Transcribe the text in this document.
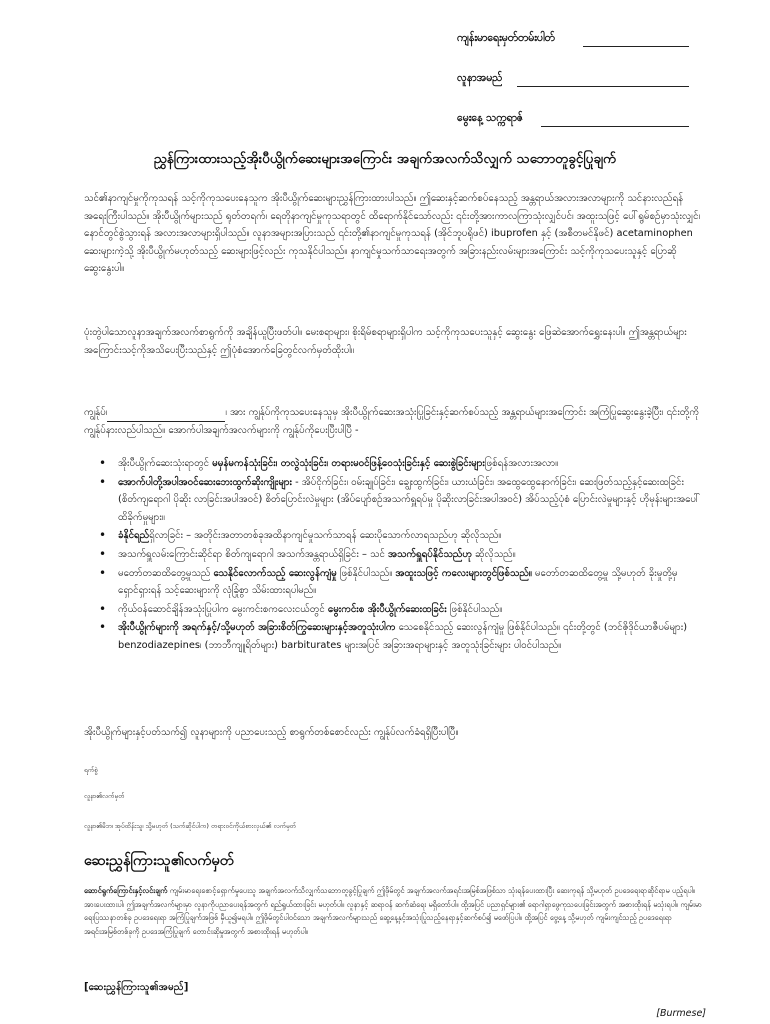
ကျန်းမာရေးမှတ်တမ်းပါတ်
လူနာအမည်
မွေးနေ့ သက္ကရာဇ်
ညွှန်ကြားထားသည့်အိုးပီယွိုက်ဆေးများအကြောင်း အချက်အလက်သိလျှက် သဘောတူခွင့်ပြုချက်
သင်၏နာကျင်မှုကိုကုသရန် သင့်ကိုကုသပေးနေသူက အိုးပီယွိုက်ဆေးများညွှန်ကြားထားပါသည်။ ဤဆေးနှင့်ဆက်စပ်နေသည့် အန္တရာယ်အလားအလာများကို သင်နားလည်ရန် အရေးကြီးပါသည်။ အိုးပီယွိုက်များသည် ရုတ်တရက်၊ ရေတိုနာကျင်မှုကုသရာတွင် ထိရောက်နိုင်သော်လည်း ၎င်းတို့အားကာလကြာသုံးလျှင်ပင်၊ အထူးသဖြင့် ပေါ်ရွမ်စဉ်မှာသုံးလျှင်၊ နောင်တွင်စွဲသွားရန် အလားအလာများရှိပါသည်။ လူနာအများအပြားသည် ၎င်းတို့၏နာကျင်မှုကုသရန် (အိုင်ဘူပရိုဖင်) ibuprofen နှင့် (အစီတမင်နိုဖင်) acetaminophen ဆေးများကဲ့သို့ အိုးပီယွိုက်မဟုတ်သည့် ဆေးများဖြင့်လည်း ကုသနိုင်ပါသည်။ နာကျင်မှုသက်သာရေးအတွက် အခြားနည်းလမ်းများအကြောင်း သင့်ကိုကုသပေးသူနှင့် ပြောဆိုဆွေးနွေးပါ။
ပုံးတွဲပါသောလူနာအချက်အလက်စာရွက်ကို အချိန်ယူပြီးဖတ်ပါ။ မေးစရာများ၊ စိုးရိမ်စရာများရှိပါက သင့်ကိုကုသပေးသူနှင့် ဆွေးနွေး ဖြေဆဲအောက်ရွှေးနေးပါ။ ဤအန္တရာယ်များအကြောင်းသင့်ကိုအသိပေးပြီးသည်နှင့် ဤပုံစံအောက်ခြေတွင်လက်မှတ်ထိုးပါ။
ကျွန်ုပ်၊	၊ အား ကျွန်ုပ်ကိုကုသပေးနေသူမှ အိုးပီယွိုက်ဆေးအသုံးပြုခြင်းနှင့်ဆက်စပ်သည့် အန္တရာယ်များအကြောင်း အကြံပြုဆွေးနွေးခဲ့ပြီး၊ ၎င်းတို့ကိုကျွန်ုပ်နားလည်ပါသည်။ အောက်ပါအချက်အလက်များကို ကျွန်ုပ်ကိုပေးပြီးပါပြီ -
• အိုးပီယွိုက်ဆေးသုံးရာတွင် မမှန်မကန်သုံးခြင်း၊ တလွဲသုံးခြင်း၊ တရားမဝင်ဖြန့်ဝေသုံးခြင်းနှင့် ဆေးစွဲခြင်းများဖြစ်ရန်အလားအလာ။
• အောက်ပါတို့အပါအဝင်ဆေးဘေးထွက်ဆိုးကျိုးများ - အိပ်ငိုက်ခြင်း၊ ဝမ်းချုပ်ခြင်း၊ ချွေးထွက်ခြင်း၊ ယားယံခြင်း၊ အထွေထွေနောက်ခြင်း၊ ဆေးဖြတ်သည့်နှင့်ဆေးထခြင်း (စိတ်ကျရောဂါ ပိုဆိုး လာခြင်းအပါအဝင်) စိတ်ပြောင်းလဲမှုများ (အိပ်ပျော်စဉ်အသက်ရှူရပ်မှု ပိုဆိုးလာခြင်းအပါအဝင်) အိပ်သည့်ပုံစံ ပြောင်းလဲမှုများနှင့် ဟိုမုန်းများအပေါ် ထိခိုက်မှုများ။
• ခံနိုင်ရည်ရှိလာခြင်း – အတိုင်းအတာတစ်ခုအထိနာကျင်မှုသက်သာရန် ဆေးပိုသောက်လာရသည်ဟု ဆိုလိုသည်။
• အသက်ရှူလမ်းကြောင်းဆိုင်ရာ စိတ်ကျရောဂါ အသက်အန္တရာယ်ရှိခြင်း – သင် အသက်ရှူရပ်နိုင်သည်ဟု ဆိုလိုသည်။
• မတော်တဆထိတွေ့မှုသည် သေနိုင်လောက်သည့် ဆေးလွန်ကျံမှု ဖြစ်နိုင်ပါသည်။ အထူးသဖြင့် ကလေးများတွင်ဖြစ်သည်။ မတော်တဆထိတွေ့မှု သို့မဟုတ် ခိုးမှုတို့မှ ရှောင်ရှားရန် သင့်ဆေးများကို လုံခြုံစွာ သိမ်းထားရပါမည်။
• ကိုယ်ဝန်ဆောင်ချိန်အသုံးပြုပါက မွေးကင်းစကလေးငယ်တွင် မွေးကင်းစ အိုးပီယွိုက်ဆေးထခြင်း ဖြစ်နိုင်ပါသည်။
• အိုးပီယွိုက်များကို အရက်နှင့်/သို့မဟုတ် အခြားစိတ်ကြွဆေးများနှင့်အတူသုံးပါက သေစေနိုင်သည့် ဆေးလွန်ကျံမှု ဖြစ်နိုင်ပါသည်။ ၎င်းတို့တွင် (ဘင်ဇိုဒိုင်ယာဇီပမ်များ) benzodiazepines၊ (ဘာဘီကျူရိတ်များ) barbiturates များအပြင် အခြားအရာများနှင့် အတူသုံးခြင်းများ ပါဝင်ပါသည်။
အိုးပီယွိုက်များနှင့်ပတ်သက်၍ လူနာများကို ပညာပေးသည့် စာရွက်တစ်စောင်လည်း ကျွန်ုပ်လက်ခံရရှိပြီးပါပြီ။
ရက်စွဲ
လူနာ၏လက်မှတ်
လူနာ၏မိဘ၊ အုပ်ထိန်းသူ၊ သို့မဟုတ် (သက်ဆိုင်ပါက) တရားဝင်ကိုယ်စားလှယ်၏ လက်မှတ်
ဆေးညွှန်ကြားသူ၏လက်မှတ်
ဆောင်ရွက်ကြောင်းနှင့်လင်းချက် ကျမ်းမာရေးစောင့်ရှောက်မှုပေးသူ အချက်အလက်သိလျှက်သဘောတူခွင့်ပြုချက် ဤဖိုမ်တွင် အချက်အလက်အရင်းအမြစ်အဖြစ်သာ သုံးရန်ပေးထားပြီး ဆေးကုရန် သို့မဟုတ် ဥပဒေရေးရာဆိုင်ရာမ ပည့်ရပါ။ အားပေးထားပါ၊ ဤအချက်အလက်များမှာ လူနာကိုပညာပေးရန်အတွက် ရည်ရွယ်ထားခြင်း မဟုတ်ပါ။ လူနာနှင့် ဆရာဝန် ဆက်ဆံရေး မရှိတော်ပါ။ ထို့အပြင် ပညာရှင်များ၏ ရောဂါရှာဖွေကုသပေးခြင်းအတွက် အစားထိုးရန် မသုံးရပါ။ ကျမ်းမာရေးပြဿနာတစ်ခု ဥပဒေရေးရာ အကြံပြုချက်အဖြစ် မှီယူ၍မရပါ။ ဤဖိုမ်တွင်ပါဝင်သော အချက်အလက်များသည် ဆွေ့နေ့နှင့်အသုံးပြုသည့်နေရာနှင့်ဆက်စပ်၍ မဖော်ပြပါ။ ထို့အပြင် ဗွေ့နေ့ သို့မဟုတ် ကျမ်းကျင်သည့် ဥပဒေရေးရာ အရင်းအမြစ်တစ်ခုကို ဥပဒေအကြံပြုချက် တောင်းဆိုမှုအတွက် အစားထိုးရန် မဟုတ်ပါ။
[ဆေးညွှန်ကြားသူ၏အမည်]
[Burmese]
